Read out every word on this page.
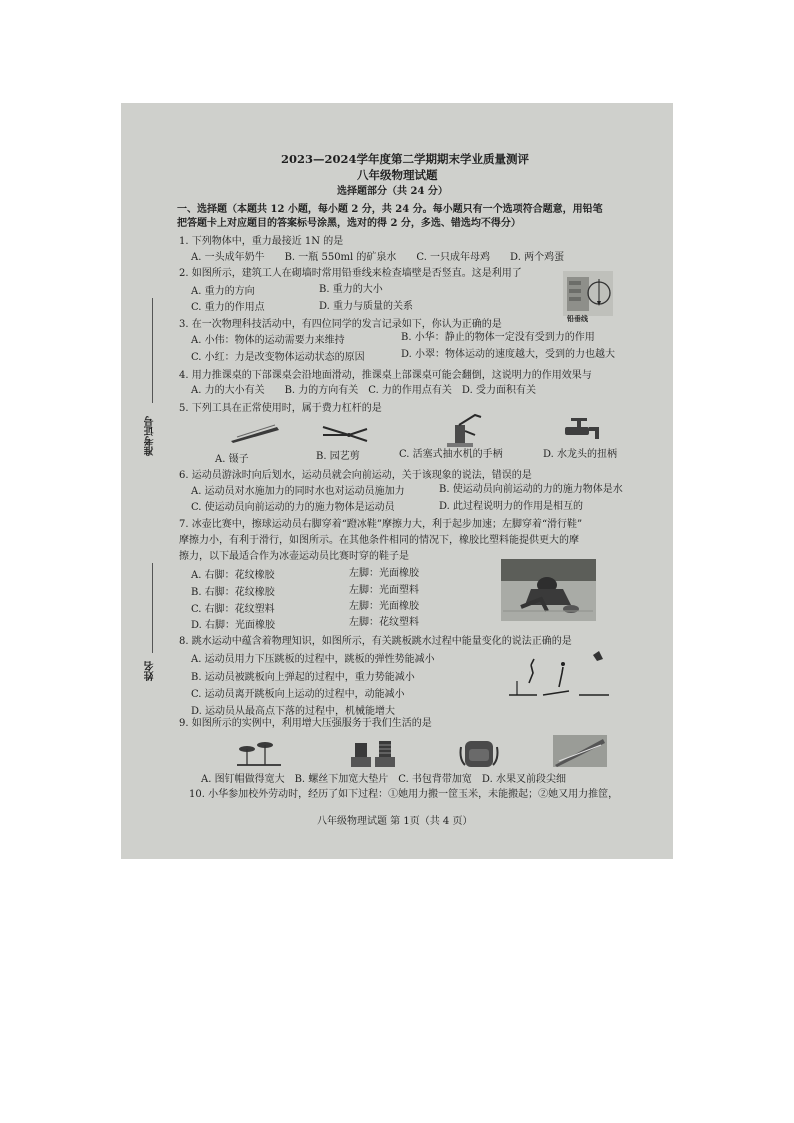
2023—2024学年度第二学期期末学业质量测评
八年级物理试题
选择题部分（共 24 分）
准考证号
姓名
一、选择题（本题共 12 小题，每小题 2 分，共 24 分。每小题只有一个选项符合题意，用铅笔
把答题卡上对应题目的答案标号涂黑，选对的得 2 分，多选、错选均不得分）
1. 下列物体中，重力最接近 1N 的是
A. 一头成年奶牛　　B. 一瓶 550ml 的矿泉水　　C. 一只成年母鸡　　D. 两个鸡蛋
2. 如图所示，建筑工人在砌墙时常用铅垂线来检查墙壁是否竖直。这是利用了
A. 重力的方向	B. 重力的大小
C. 重力的作用点	D. 重力与质量的关系
铅垂线
3. 在一次物理科技活动中，有四位同学的发言记录如下，你认为正确的是
A. 小伟：物体的运动需要力来维持	B. 小华：静止的物体一定没有受到力的作用
C. 小红：力是改变物体运动状态的原因	D. 小翠：物体运动的速度越大，受到的力也越大
4. 用力推课桌的下部课桌会沿地面滑动，推课桌上部课桌可能会翻倒，这说明力的作用效果与
A. 力的大小有关　　B. 力的方向有关　C. 力的作用点有关　D. 受力面积有关
5. 下列工具在正常使用时，属于费力杠杆的是
A. 镊子	B. 园艺剪	C. 活塞式抽水机的手柄	D. 水龙头的扭柄
6. 运动员游泳时向后划水，运动员就会向前运动，关于该现象的说法，错误的是
A. 运动员对水施加力的同时水也对运动员施加力	B. 使运动员向前运动的力的施力物体是水
C. 使运动员向前运动的力的施力物体是运动员	D. 此过程说明力的作用是相互的
7. 冰壶比赛中，擦球运动员右脚穿着“蹬冰鞋”摩擦力大，利于起步加速；左脚穿着“滑行鞋”
摩擦力小，有利于滑行，如图所示。在其他条件相同的情况下，橡胶比塑料能提供更大的摩
擦力，以下最适合作为冰壶运动员比赛时穿的鞋子是
A. 右脚：花纹橡胶	左脚：光面橡胶
B. 右脚：花纹橡胶	左脚：光面塑料
C. 右脚：花纹塑料	左脚：光面橡胶
D. 右脚：光面橡胶	左脚：花纹塑料
8. 跳水运动中蕴含着物理知识，如图所示，有关跳板跳水过程中能量变化的说法正确的是
A. 运动员用力下压跳板的过程中，跳板的弹性势能减小
B. 运动员被跳板向上弹起的过程中，重力势能减小
C. 运动员离开跳板向上运动的过程中，动能减小
D. 运动员从最高点下落的过程中，机械能增大
9. 如图所示的实例中，利用增大压强服务于我们生活的是
A. 图钉帽做得宽大　B. 螺丝下加宽大垫片　C. 书包背带加宽　D. 水果叉前段尖细
10. 小华参加校外劳动时，经历了如下过程：①她用力搬一筐玉米，未能搬起；②她又用力推筐，
八年级物理试题 第 1页（共 4 页）
